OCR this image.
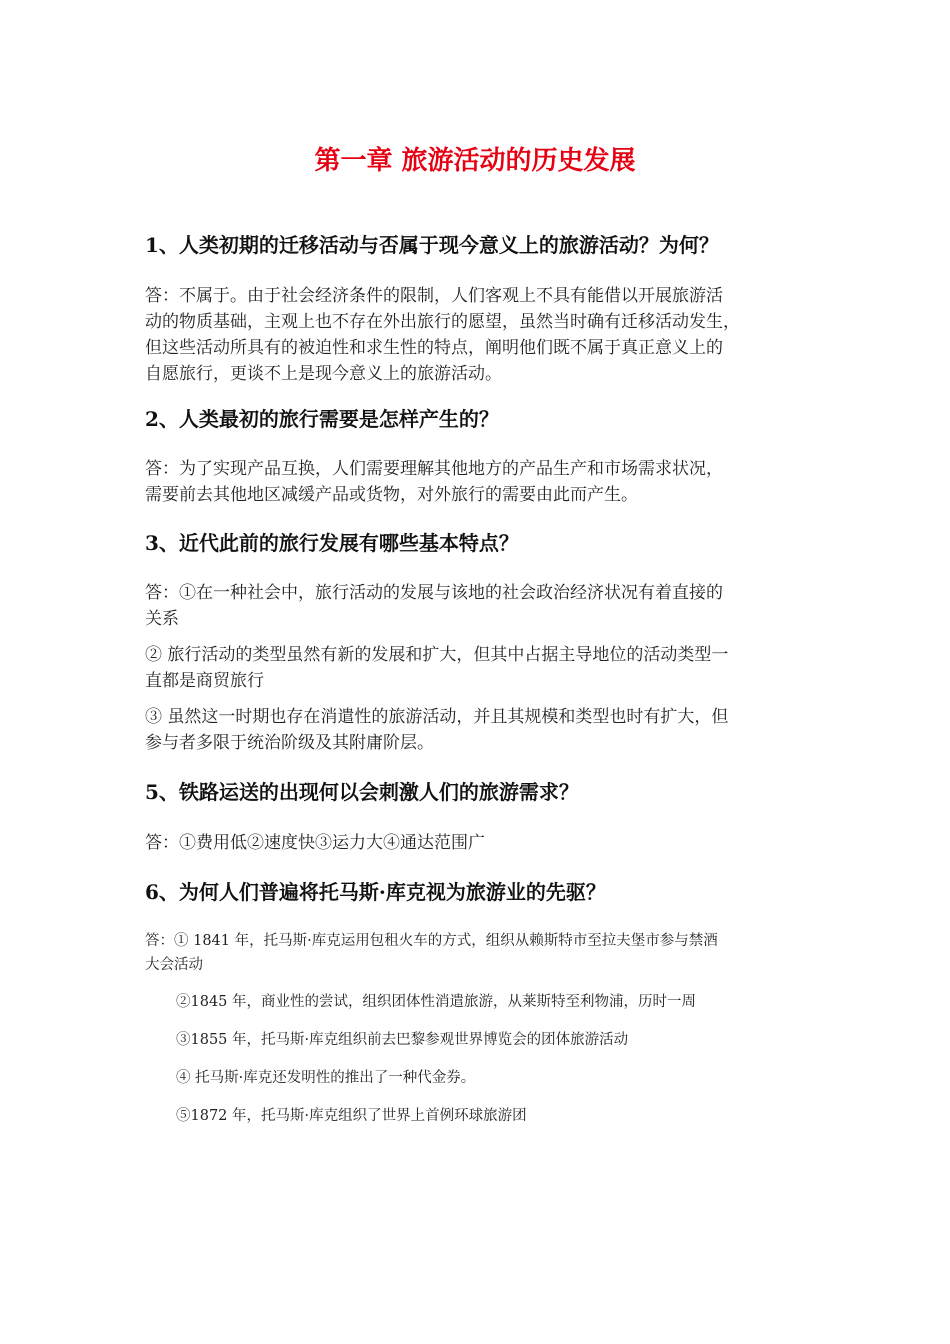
第一章 旅游活动的历史发展
1、人类初期的迁移活动与否属于现今意义上的旅游活动？为何？
答：不属于。由于社会经济条件的限制，人们客观上不具有能借以开展旅游活
动的物质基础，主观上也不存在外出旅行的愿望，虽然当时确有迁移活动发生，
但这些活动所具有的被迫性和求生性的特点，阐明他们既不属于真正意义上的
自愿旅行，更谈不上是现今意义上的旅游活动。
2、人类最初的旅行需要是怎样产生的？
答：为了实现产品互换，人们需要理解其他地方的产品生产和市场需求状况，
需要前去其他地区减缓产品或货物，对外旅行的需要由此而产生。
3、近代此前的旅行发展有哪些基本特点？
答：①在一种社会中，旅行活动的发展与该地的社会政治经济状况有着直接的
关系
② 旅行活动的类型虽然有新的发展和扩大，但其中占据主导地位的活动类型一
直都是商贸旅行
③ 虽然这一时期也存在消遣性的旅游活动，并且其规模和类型也时有扩大，但
参与者多限于统治阶级及其附庸阶层。
5、铁路运送的出现何以会刺激人们的旅游需求？
答：①费用低②速度快③运力大④通达范围广
6、为何人们普遍将托马斯·库克视为旅游业的先驱？
答：① 1841 年，托马斯·库克运用包租火车的方式，组织从赖斯特市至拉夫堡市参与禁酒
大会活动
②1845 年，商业性的尝试，组织团体性消遣旅游，从莱斯特至利物浦，历时一周
③1855 年，托马斯·库克组织前去巴黎参观世界博览会的团体旅游活动
④ 托马斯·库克还发明性的推出了一种代金券。
⑤1872 年，托马斯·库克组织了世界上首例环球旅游团
